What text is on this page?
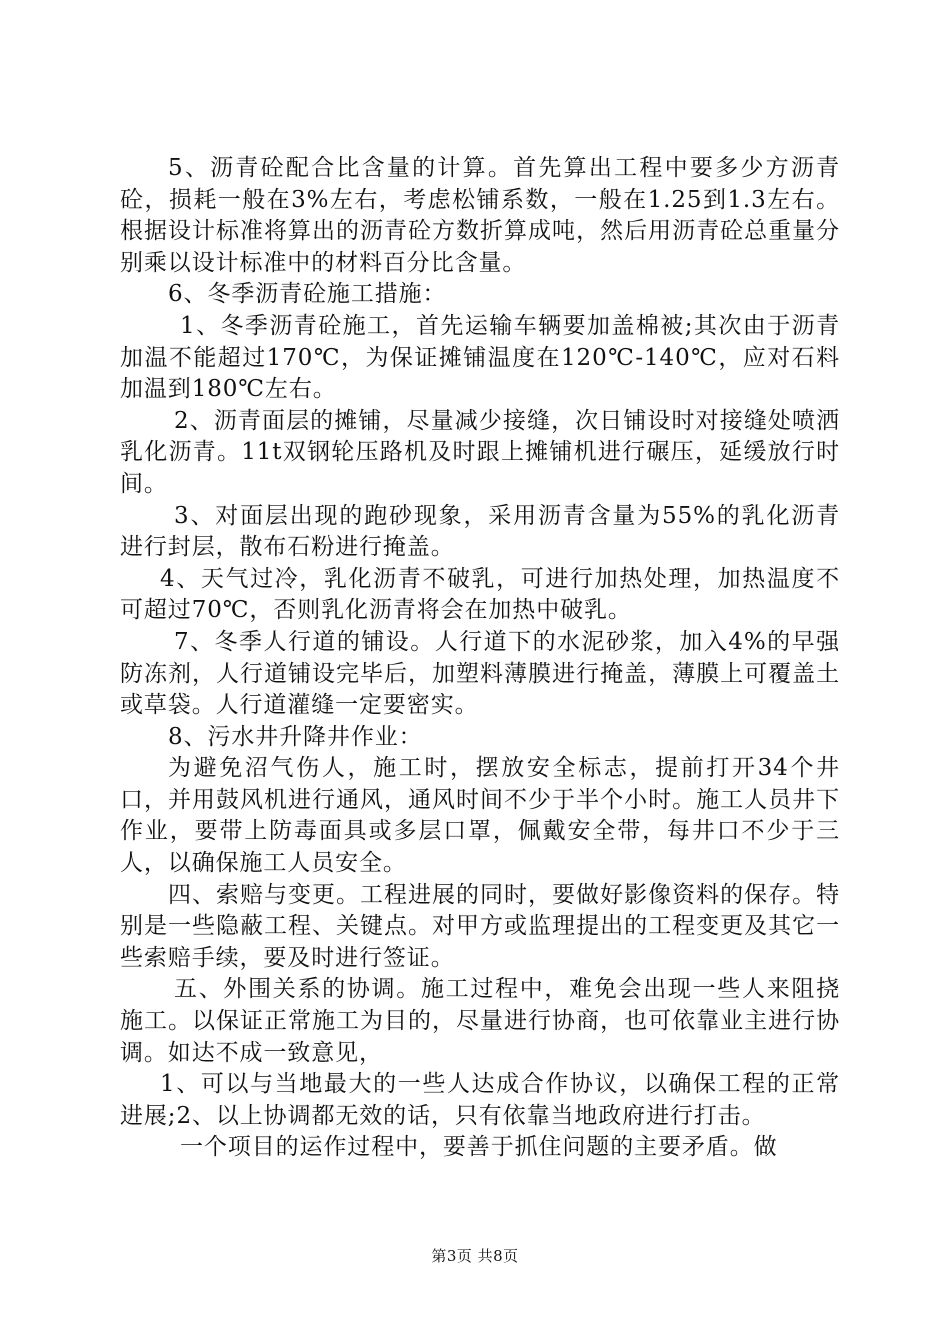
5、沥青砼配合比含量的计算。首先算出工程中要多少方沥青砼，损耗一般在3%左右，考虑松铺系数，一般在1.25到1.3左右。根据设计标准将算出的沥青砼方数折算成吨，然后用沥青砼总重量分别乘以设计标准中的材料百分比含量。

6、冬季沥青砼施工措施：

1、冬季沥青砼施工，首先运输车辆要加盖棉被;其次由于沥青加温不能超过170℃，为保证摊铺温度在120℃-140℃，应对石料加温到180℃左右。

2、沥青面层的摊铺，尽量减少接缝，次日铺设时对接缝处喷洒乳化沥青。11t双钢轮压路机及时跟上摊铺机进行碾压，延缓放行时间。

3、对面层出现的跑砂现象，采用沥青含量为55%的乳化沥青进行封层，散布石粉进行掩盖。

4、天气过冷，乳化沥青不破乳，可进行加热处理，加热温度不可超过70℃，否则乳化沥青将会在加热中破乳。

7、冬季人行道的铺设。人行道下的水泥砂浆，加入4%的早强防冻剂，人行道铺设完毕后，加塑料薄膜进行掩盖，薄膜上可覆盖土或草袋。人行道灌缝一定要密实。

8、污水井升降井作业：

为避免沼气伤人，施工时，摆放安全标志，提前打开34个井口，并用鼓风机进行通风，通风时间不少于半个小时。施工人员井下作业，要带上防毒面具或多层口罩，佩戴安全带，每井口不少于三人，以确保施工人员安全。

四、索赔与变更。工程进展的同时，要做好影像资料的保存。特别是一些隐蔽工程、关键点。对甲方或监理提出的工程变更及其它一些索赔手续，要及时进行签证。

五、外围关系的协调。施工过程中，难免会出现一些人来阻挠施工。以保证正常施工为目的，尽量进行协商，也可依靠业主进行协调。如达不成一致意见，

1、可以与当地最大的一些人达成合作协议，以确保工程的正常进展;2、以上协调都无效的话，只有依靠当地政府进行打击。

一个项目的运作过程中，要善于抓住问题的主要矛盾。做

第3页 共8页
